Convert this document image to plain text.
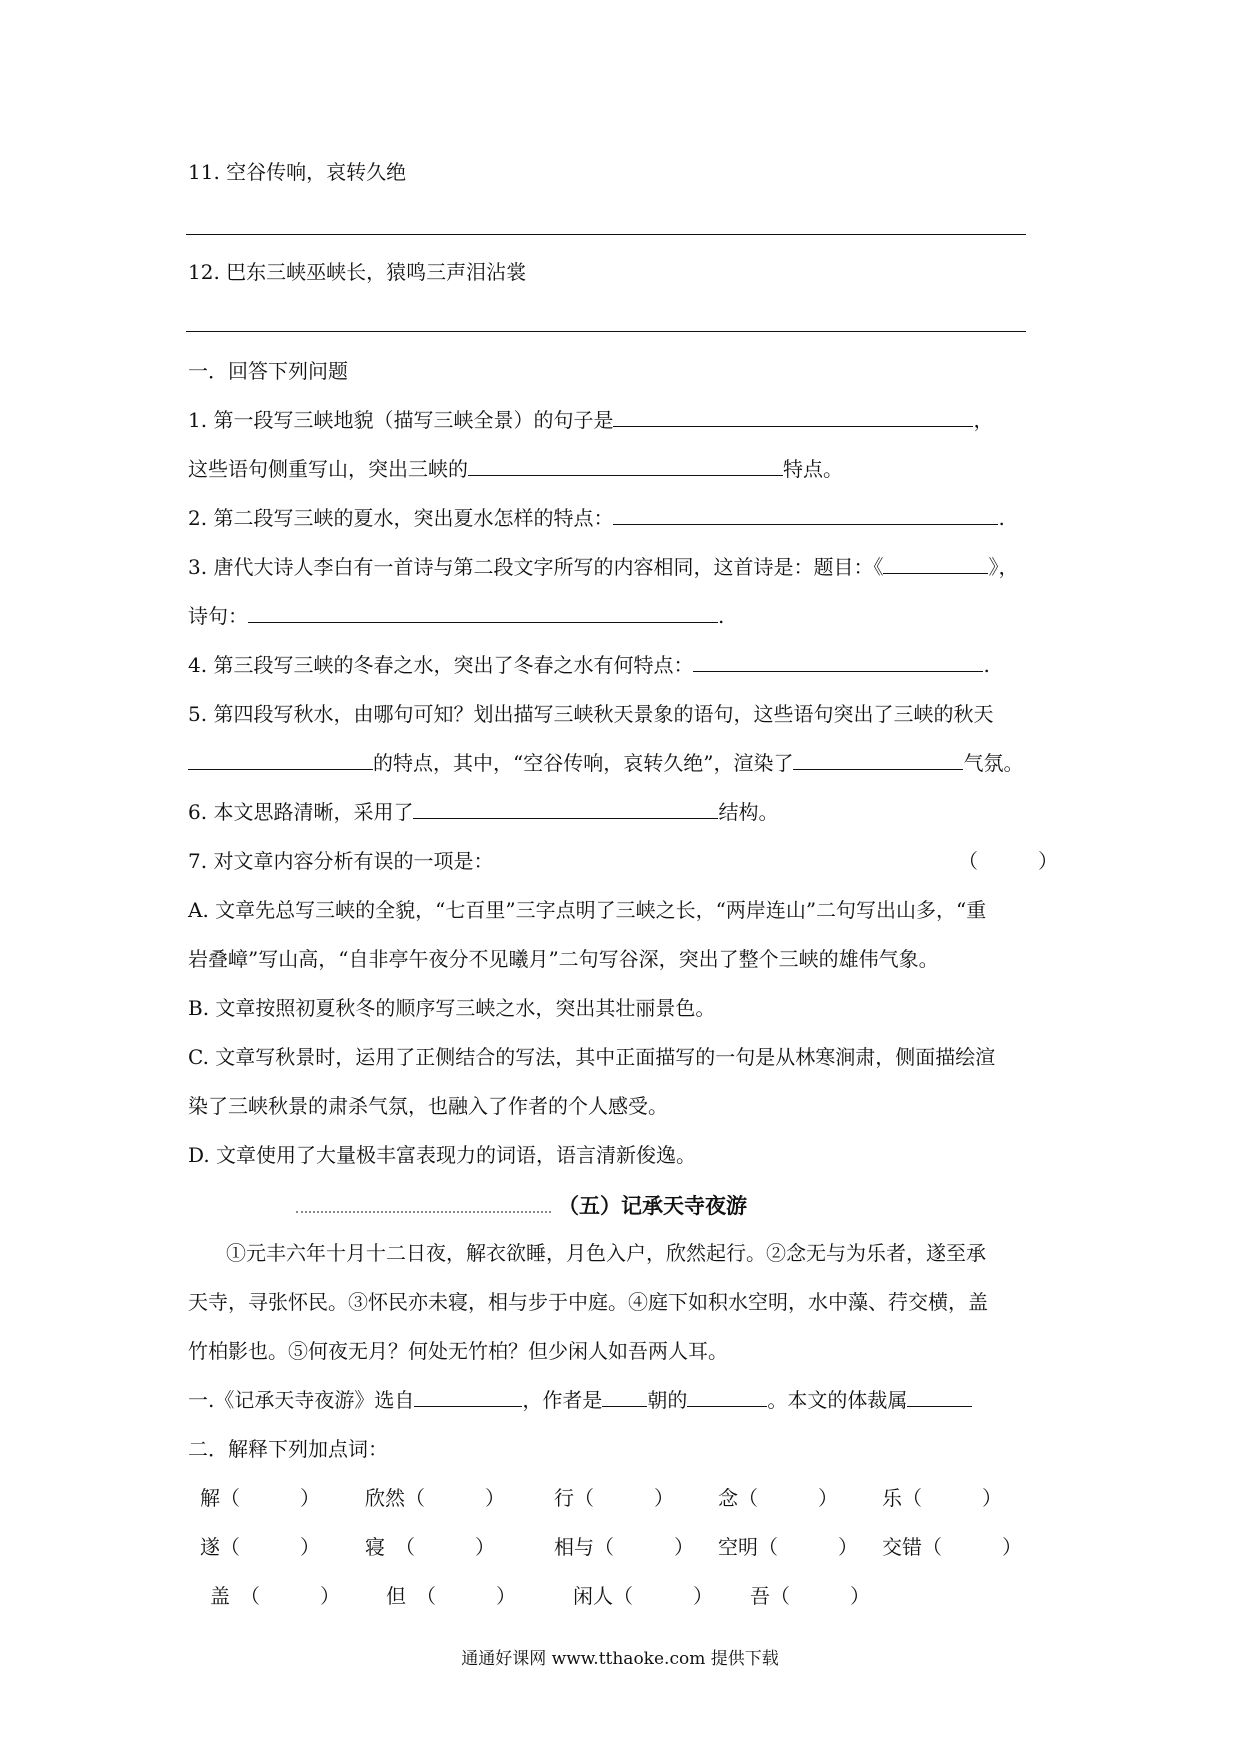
11. 空谷传响，哀转久绝
12. 巴东三峡巫峡长，猿鸣三声泪沾裳
一．回答下列问题
1. 第一段写三峡地貌（描写三峡全景）的句子是	，
这些语句侧重写山，突出三峡的	特点。
2. 第二段写三峡的夏水，突出夏水怎样的特点：	.
3. 唐代大诗人李白有一首诗与第二段文字所写的内容相同，这首诗是：题目：《	》，
诗句：	.
4. 第三段写三峡的冬春之水，突出了冬春之水有何特点：	.
5. 第四段写秋水，由哪句可知？划出描写三峡秋天景象的语句，这些语句突出了三峡的秋天
的特点，其中，“空谷传响，哀转久绝”，渲染了	气氛。
6. 本文思路清晰，采用了	结构。
7. 对文章内容分析有误的一项是：	（　　　）
A. 文章先总写三峡的全貌，“七百里”三字点明了三峡之长，“两岸连山”二句写出山多，“重
岩叠嶂”写山高，“自非亭午夜分不见曦月”二句写谷深，突出了整个三峡的雄伟气象。
B. 文章按照初夏秋冬的顺序写三峡之水，突出其壮丽景色。
C. 文章写秋景时，运用了正侧结合的写法，其中正面描写的一句是从林寒涧肃，侧面描绘渲
染了三峡秋景的肃杀气氛，也融入了作者的个人感受。
D. 文章使用了大量极丰富表现力的词语，语言清新俊逸。
（五）记承天寺夜游
①元丰六年十月十二日夜，解衣欲睡，月色入户，欣然起行。②念无与为乐者，遂至承
天寺，寻张怀民。③怀民亦未寝，相与步于中庭。④庭下如积水空明，水中藻、荇交横，盖
竹柏影也。⑤何夜无月？何处无竹柏？但少闲人如吾两人耳。
一.《记承天寺夜游》选自	，作者是 朝的	。本文的体裁属
二．解释下列加点词：
解（　　　） 欣然（　　　） 行（　　　） 念（　　　） 乐（　　　）
遂（　　　） 寝　（　　　）	相与（　　　） 空明（　　　） 交错（　　　）
盖　（　　　） 但　（　　　）	闲人（　　　） 吾（　　　）
通通好课网 www.tthaoke.com 提供下载
